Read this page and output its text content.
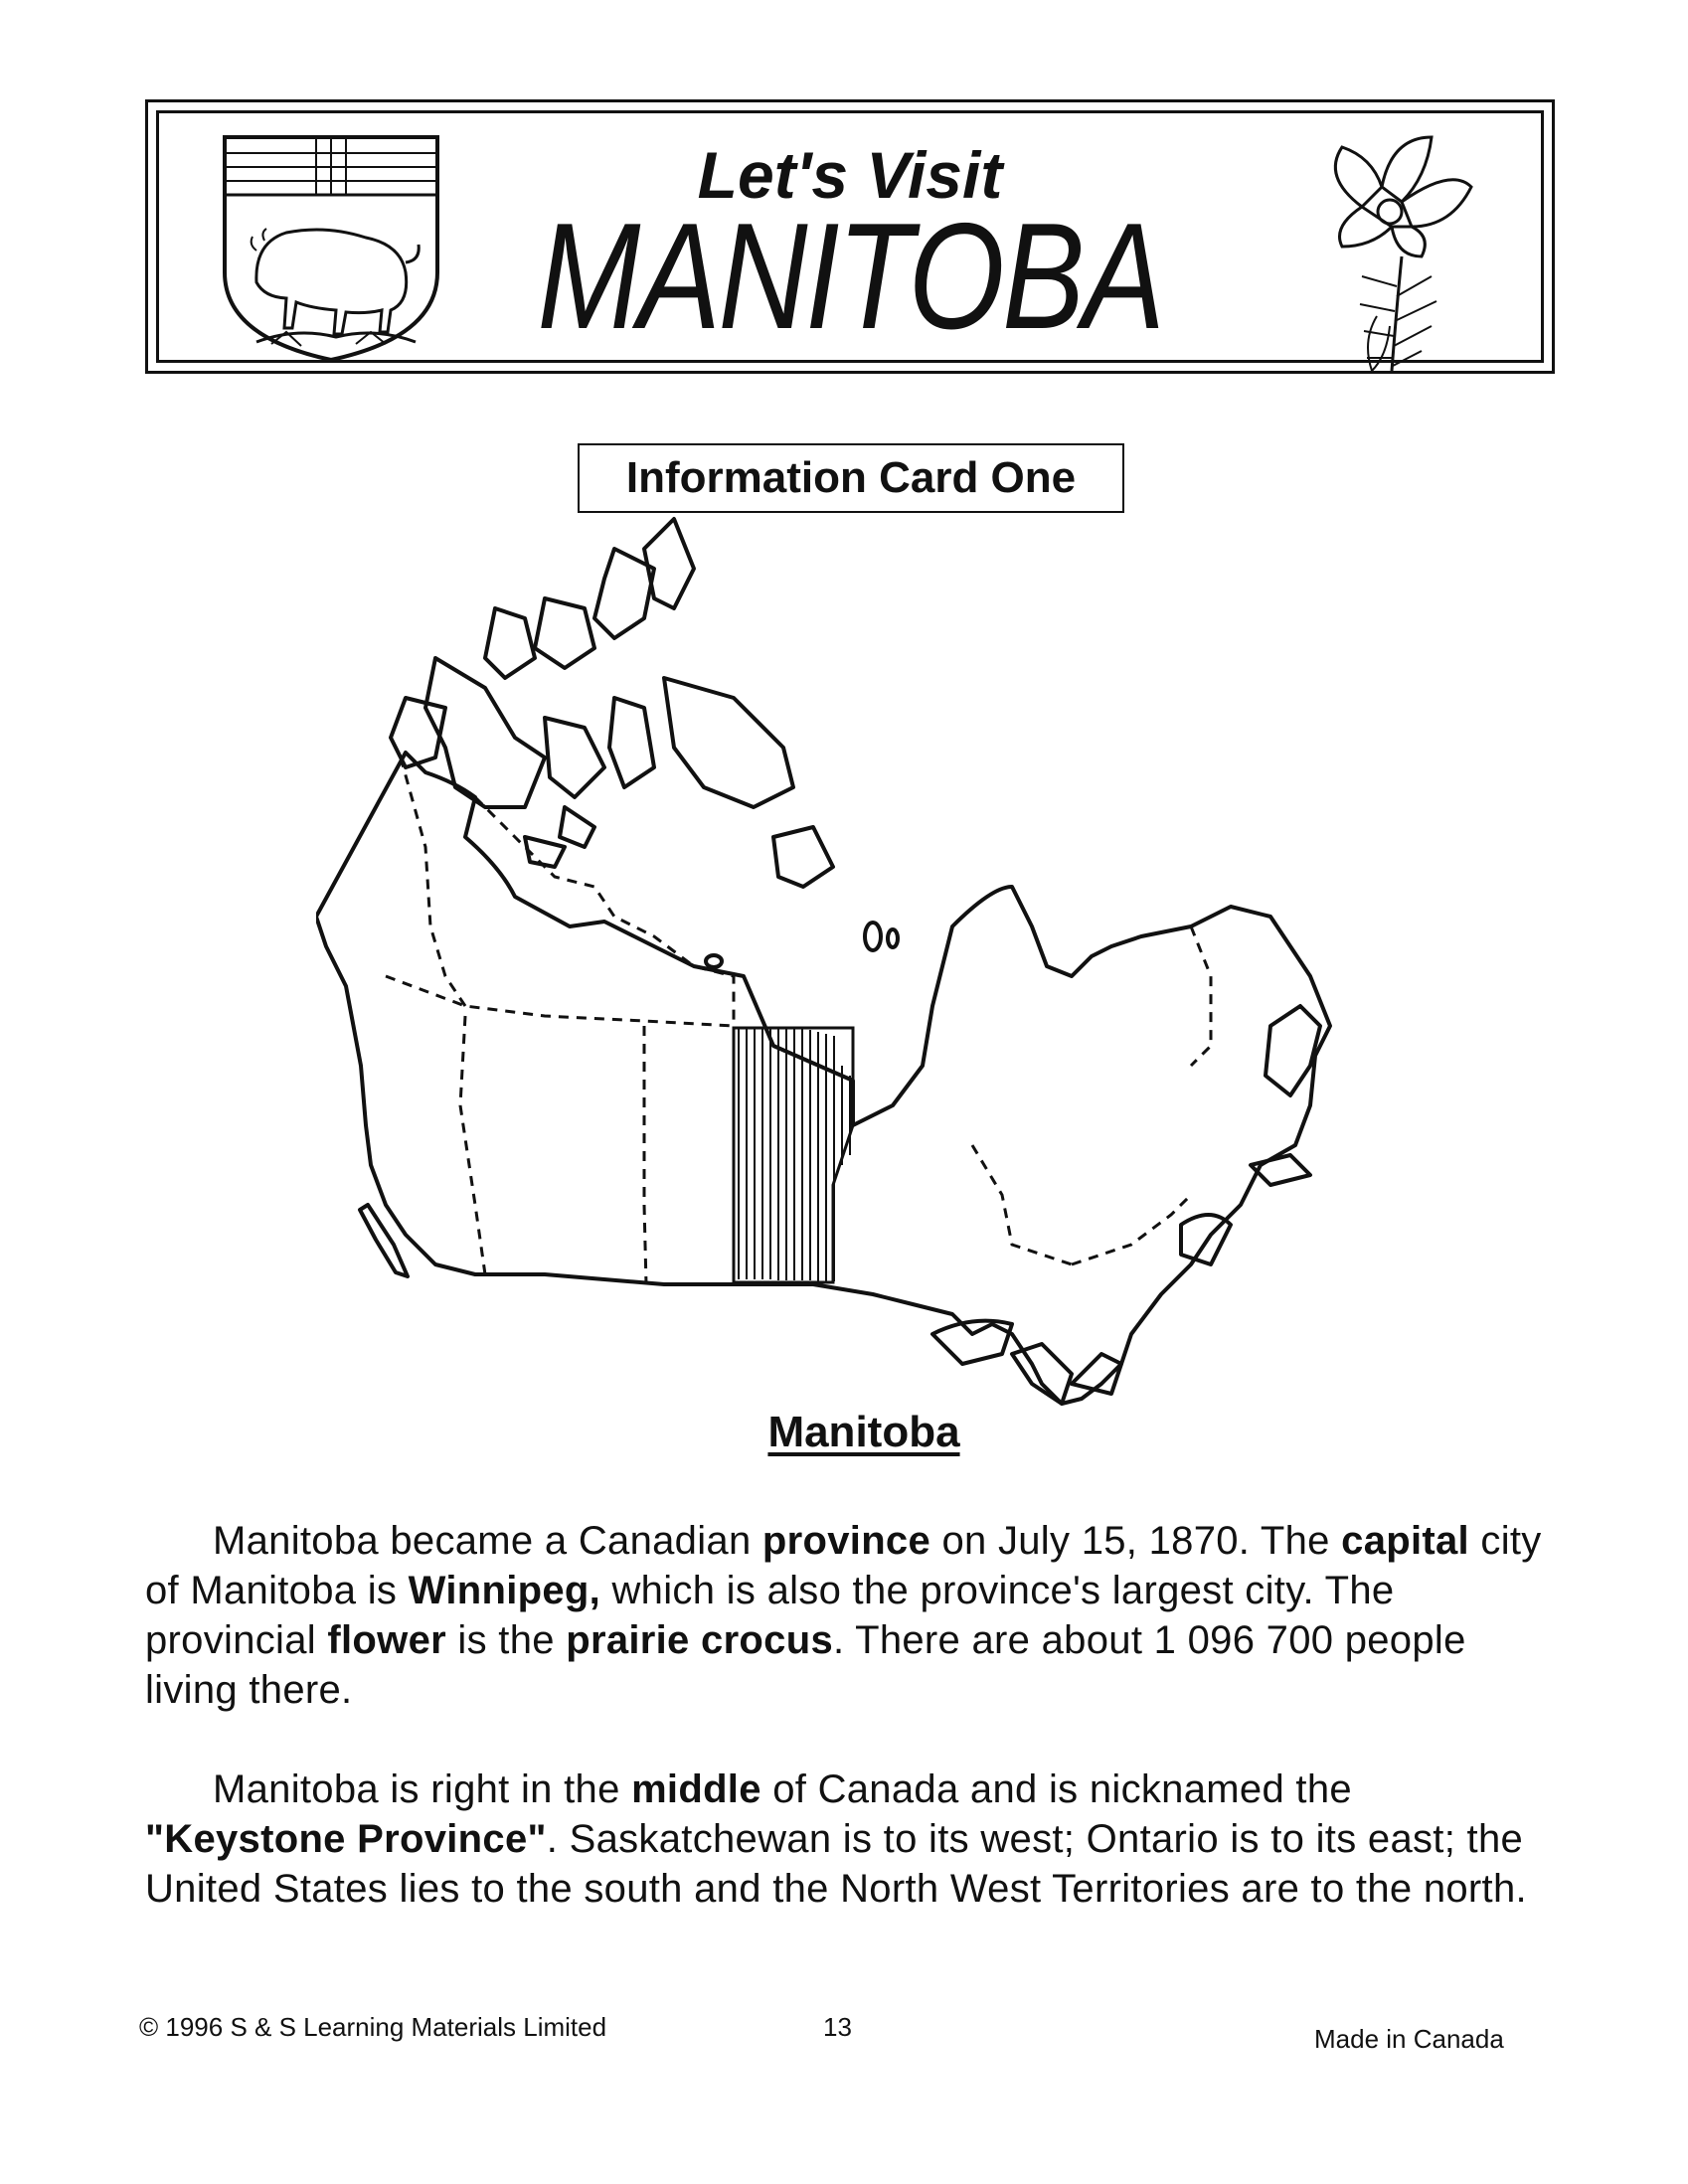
Let's Visit
MANITOBA
Information Card One
Manitoba
Manitoba became a Canadian province on July 15, 1870. The capital city of Manitoba is Winnipeg, which is also the province's largest city. The provincial flower is the prairie crocus. There are about 1 096 700 people living there.
Manitoba is right in the middle of Canada and is nicknamed the "Keystone Province". Saskatchewan is to its west; Ontario is to its east; the United States lies to the south and the North West Territories are to the north.
© 1996 S & S Learning Materials Limited	13	Made in Canada
